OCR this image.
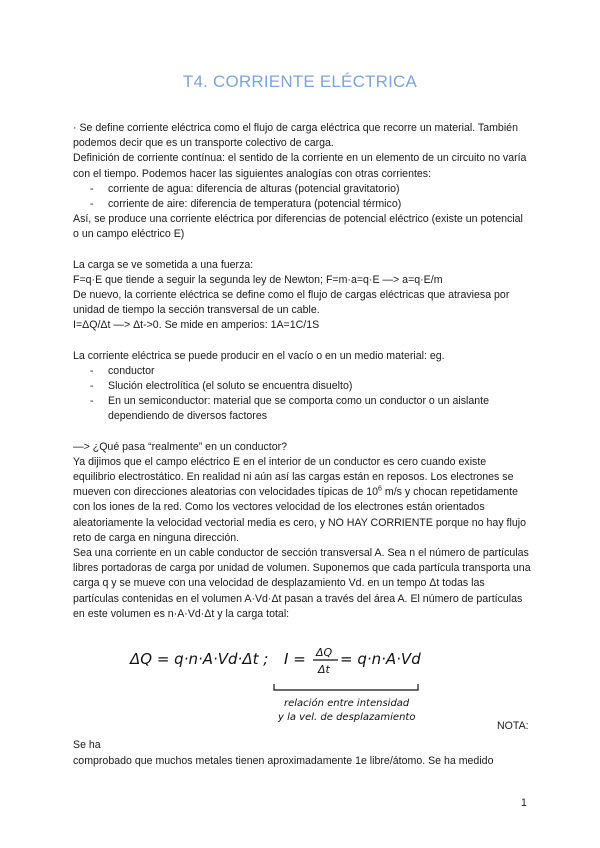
T4. CORRIENTE ELÉCTRICA

· Se define corriente eléctrica como el flujo de carga eléctrica que recorre un material. También podemos decir que es un transporte colectivo de carga.

Definición de corriente contínua: el sentido de la corriente en un elemento de un circuito no varía con el tiempo. Podemos hacer las siguientes analogías con otras corrientes:

- corriente de agua: diferencia de alturas (potencial gravitatorio)
- corriente de aire: diferencia de temperatura (potencial térmico)

Así, se produce una corriente eléctrica por diferencias de potencial eléctrico (existe un potencial o un campo eléctrico E)

La carga se ve sometida a una fuerza:

F=q·E que tiende a seguir la segunda ley de Newton; F=m·a=q·E —> a=q·E/m

De nuevo, la corriente eléctrica se define como el flujo de cargas eléctricas que atraviesa por unidad de tiempo la sección transversal de un cable.

I=ΔQ/Δt —> Δt->0. Se mide en amperios: 1A=1C/1S

La corriente eléctrica se puede producir en el vacío o en un medio material: eg.

- conductor
- Slución electrolítica (el soluto se encuentra disuelto)
- En un semiconductor: material que se comporta como un conductor o un aislante dependiendo de diversos factores

—> ¿Qué pasa “realmente” en un conductor?

Ya dijimos que el campo eléctrico E en el interior de un conductor es cero cuando existe equilibrio electrostático. En realidad ni aún así las cargas están en reposos. Los electrones se mueven con direcciones aleatorias con velocidades típicas de $10^6$ m/s y chocan repetidamente con los iones de la red. Como los vectores velocidad de los electrones están orientados aleatoriamente la velocidad vectorial media es cero, y NO HAY CORRIENTE porque no hay flujo reto de carga en ninguna dirección.

Sea una corriente en un cable conductor de sección transversal A. Sea n el número de partículas libres portadoras de carga por unidad de volumen. Suponemos que cada partícula transporta una carga q y se mueve con una velocidad de desplazamiento Vd. en un tempo Δt todas las partículas contenidas en el volumen A·Vd·Δt pasan a través del área A. El número de partículas en este volumen es n·A·Vd·Δt y la carga total:

ΔQ = q·n·A·Vd·Δt ; I = ΔQ
Δt
= q·n·A·Vd
relación entre intensidad
y la vel. de desplazamiento
NOTA:

Se ha

comprobado que muchos metales tienen aproximadamente 1e libre/átomo. Se ha medido

1
